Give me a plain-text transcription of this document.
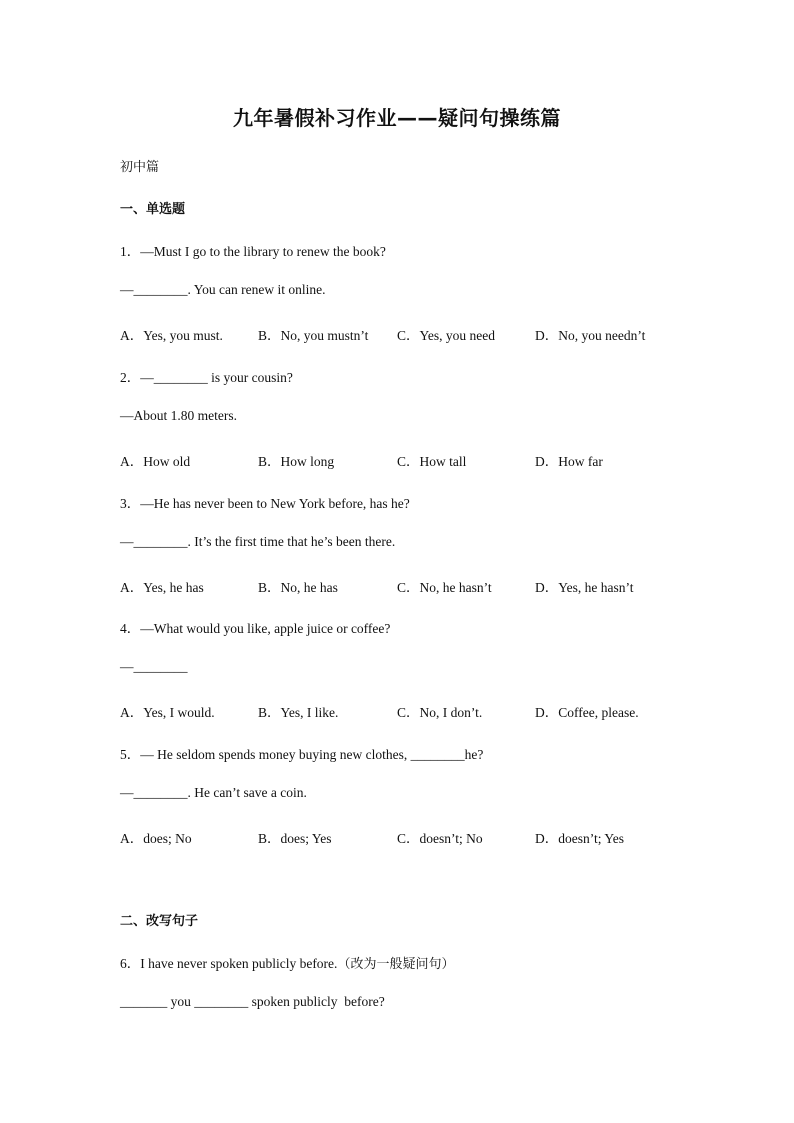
九年暑假补习作业——疑问句操练篇
初中篇
一、单选题
1．—Must I go to the library to renew the book?
—________. You can renew it online.
A．Yes, you must.	B．No, you mustn’t C．Yes, you need	D．No, you needn’t
2．—________ is your cousin?
—About 1.80 meters.
A．How old	B．How long	C．How tall	D．How far
3．—He has never been to New York before, has he?
—________. It’s the first time that he’s been there.
A．Yes, he has	B．No, he has	C．No, he hasn’t	D．Yes, he hasn’t
4．—What would you like, apple juice or coffee?
—________
A．Yes, I would.	B．Yes, I like.	C．No, I don’t.	D．Coffee, please.
5．— He seldom spends money buying new clothes, ________he?
—________. He can’t save a coin.
A．does; No	B．does; Yes	C．doesn’t; No	D．doesn’t; Yes
二、改写句子
6．I have never spoken publicly before.（改为一般疑问句）
_______ you ________ spoken publicly  before?
